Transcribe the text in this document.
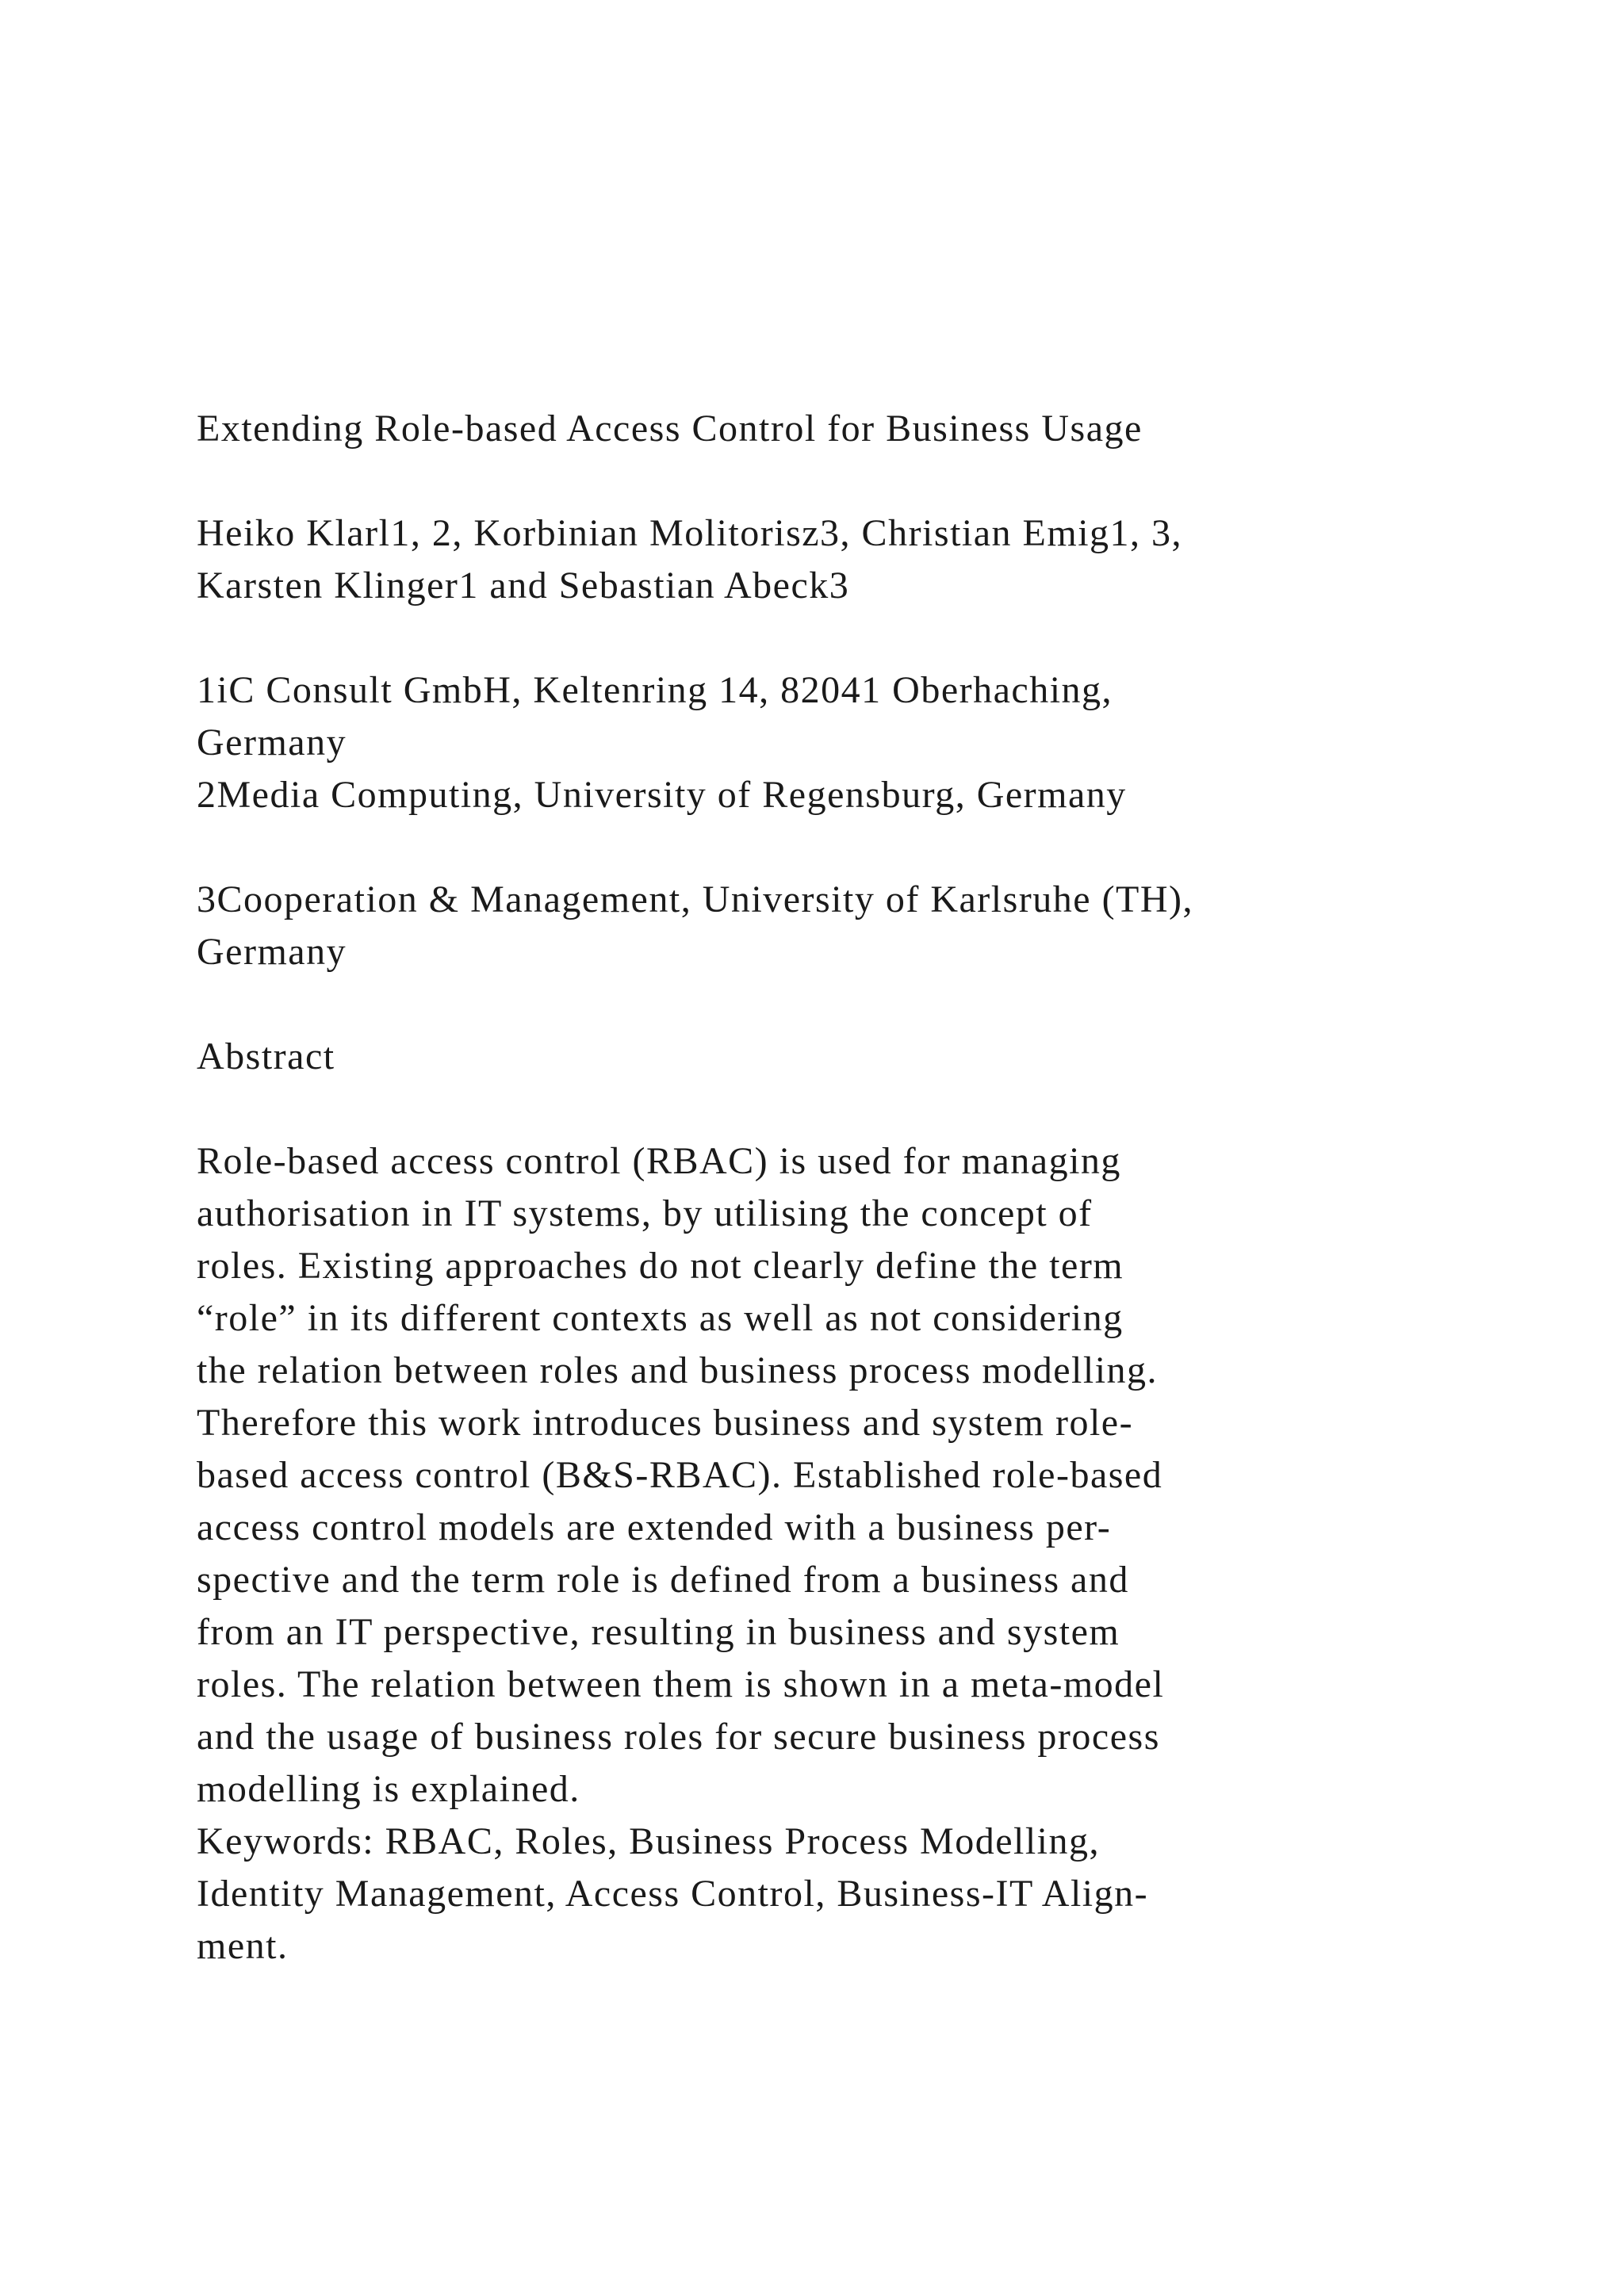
Extending Role-based Access Control for Business Usage

Heiko Klarl1, 2, Korbinian Molitorisz3, Christian Emig1, 3,
Karsten Klinger1 and Sebastian Abeck3

1iC Consult GmbH, Keltenring 14, 82041 Oberhaching,
Germany
2Media Computing, University of Regensburg, Germany

3Cooperation & Management, University of Karlsruhe (TH),
Germany

Abstract

Role-based access control (RBAC) is used for managing
authorisation in IT systems, by utilising the concept of
roles. Existing approaches do not clearly define the term
“role” in its different contexts as well as not considering
the relation between roles and business process modelling.
Therefore this work introduces business and system role-
based access control (B&S-RBAC). Established role-based
access control models are extended with a business per-
spective and the term role is defined from a business and
from an IT perspective, resulting in business and system
roles. The relation between them is shown in a meta-model
and the usage of business roles for secure business process
modelling is explained.

Keywords: RBAC, Roles, Business Process Modelling,
Identity Management, Access Control, Business-IT Align-
ment.
